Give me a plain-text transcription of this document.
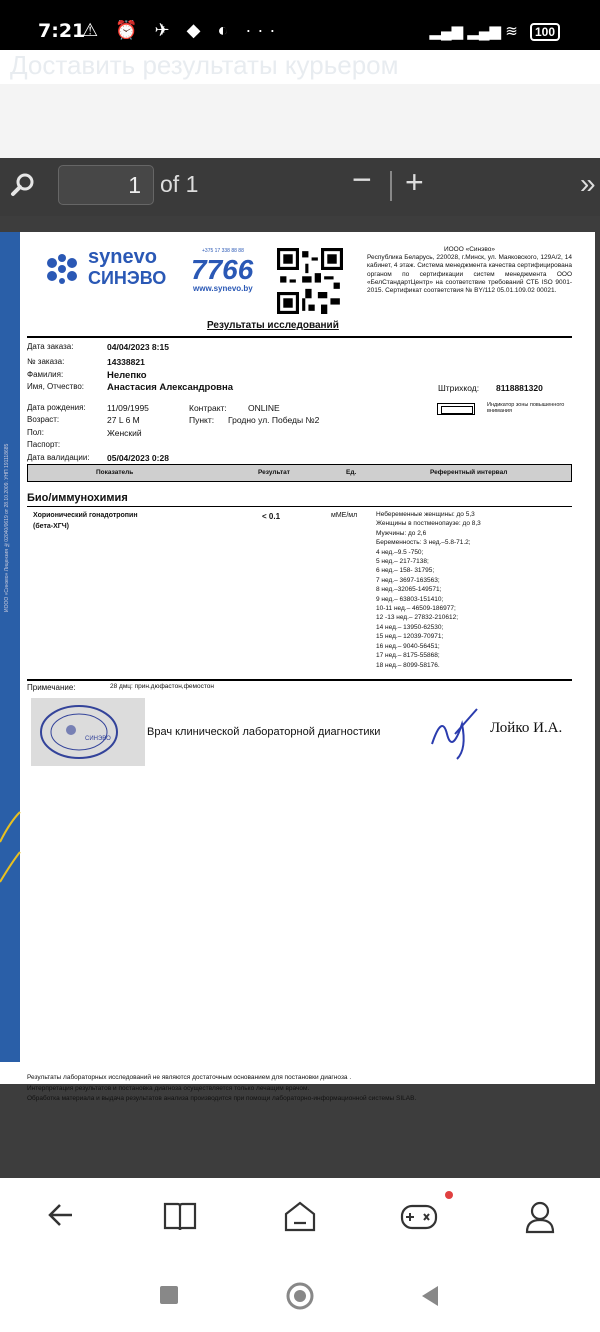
7:21
⚠ ⏰ ✈ ◆ ◐ ···	▂▄▆ ▂▄▆ ≋ 100
Доставить результаты курьером
1 of 1	− +	»
ИООО «Синэво» Лицензия №02040/0619 от 28.10.2009. УНП 191118685
synevo
СИНЭВО
+375 17 338 88 88
7766
www.synevo.by
ИООО «Синэво»
Республика Беларусь, 220028, г.Минск, ул. Маяковского, 129А/2, 14 кабинет, 4 этаж. Система менеджмента качества сертифицирована органом по сертификации систем менеджмента ООО «БелСтандартЦентр» на соответствие требований СТБ ISO 9001-2015. Сертификат соответствия № BY/112 05.01.109.02 00021.
Результаты исследований
Дата заказа:	04/04/2023 8:15
№ заказа:	14338821
Фамилия:	Нелепко
Имя, Отчество: Анастасия Александровна	Штрихкод: 8118881320
Дата рождения:	11/09/1995	Контракт: ONLINE
Возраст:	27 L 6 M	Пункт: Гродно ул. Победы №2
Пол:	Женский
Паспорт:
Дата валидации: 05/04/2023 0:28
Индикатор зоны повышенного внимания
Показатель	Результат	Ед.	Референтный интервал
Био/иммунохимия
Хорионический гонадотропин
(бета-ХГЧ)
< 0.1	мМЕ/мл	Небеременные женщины: до 5,3
Женщины в постменопаузе: до 8,3
Мужчины: до 2,6
Беременность: 3 нед.–5.8-71.2;
4 нед.–9.5 -750;
5 нед.– 217-7138;
6 нед.– 158- 31795;
7 нед.– 3697-163563;
8 нед.–32065-149571;
9 нед.– 63803-151410;
10-11 нед.– 46509-186977;
12 -13 нед.– 27832-210612;
14 нед.– 13950-62530;
15 нед.– 12039-70971;
16 нед.– 9040-56451;
17 нед.– 8175-55868;
18 нед.– 8099-58176.
Примечание:	28 дмц: прин.дюфастон,фемостон
СИНЭВО
Врач клинической лабораторной диагностики	Лойко И.А.
Результаты лабораторных исследований не являются достаточным основанием для постановки диагноза .
Интерпретация результатов и постановка диагноза осуществляется только лечащим врачом.
Обработка материала и выдача результатов анализа производится при помощи лабораторно-информационной системы SILAB.
